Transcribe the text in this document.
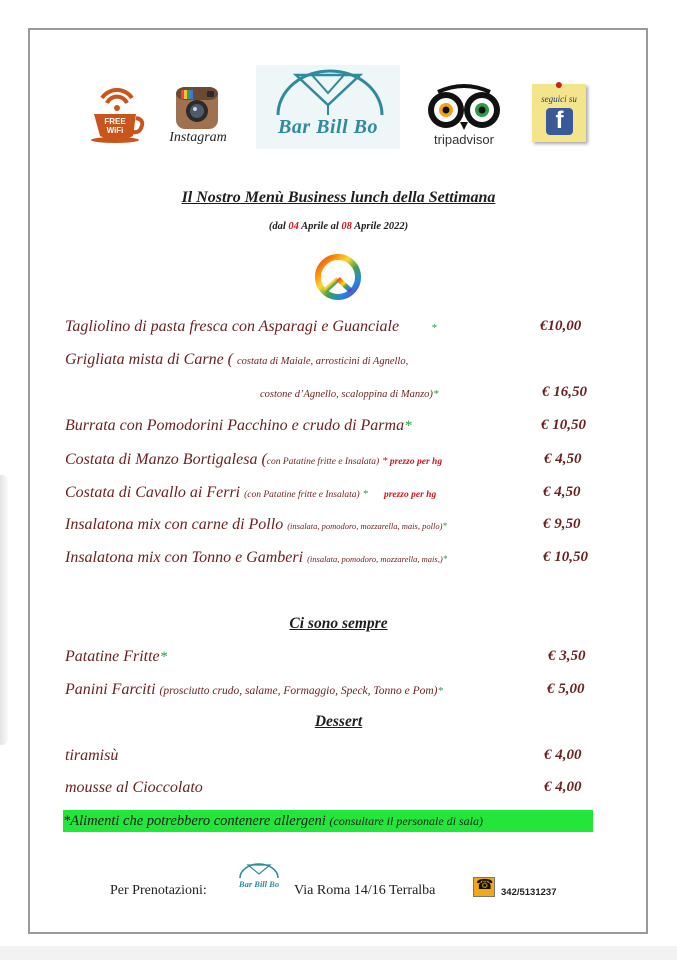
FREE WiFi	Instagram	Bar Bill Bo
tripadvisor
●
seguici su
f
Il Nostro Menù Business lunch della Settimana
(dal 04 Aprile al 08 Aprile 2022)
Tagliolino di pasta fresca con Asparagi e Guanciale	*	€10,00
Grigliata mista di Carne ( costata di Maiale, arrosticini di Agnello,
costone d’Agnello, scaloppina di Manzo)*	€ 16,50
Burrata con Pomodorini Pacchino e crudo di Parma*	€ 10,50
Costata di Manzo Bortigalesa (con Patatine fritte e Insalata) * prezzo per hg	€ 4,50
Costata di Cavallo ai Ferri (con Patatine fritte e Insalata) * prezzo per hg	€ 4,50
Insalatona mix con carne di Pollo (insalata, pomodoro, mozzarella, mais, pollo)*	€ 9,50
Insalatona mix con Tonno e Gamberi (insalata, pomodoro, mozzarella, mais,)*	€ 10,50
Ci sono sempre
Patatine Fritte*	€ 3,50
Panini Farciti (prosciutto crudo, salame, Formaggio, Speck, Tonno e Pom)*	€ 5,00
Dessert
tiramisù	€ 4,00
mousse al Cioccolato	€ 4,00
*Alimenti che potrebbero contenere allergeni (consultare il personale di sala)
Per Prenotazioni:	Bar Bill Bo	Via Roma 14/16 Terralba	☎ 342/5131237
